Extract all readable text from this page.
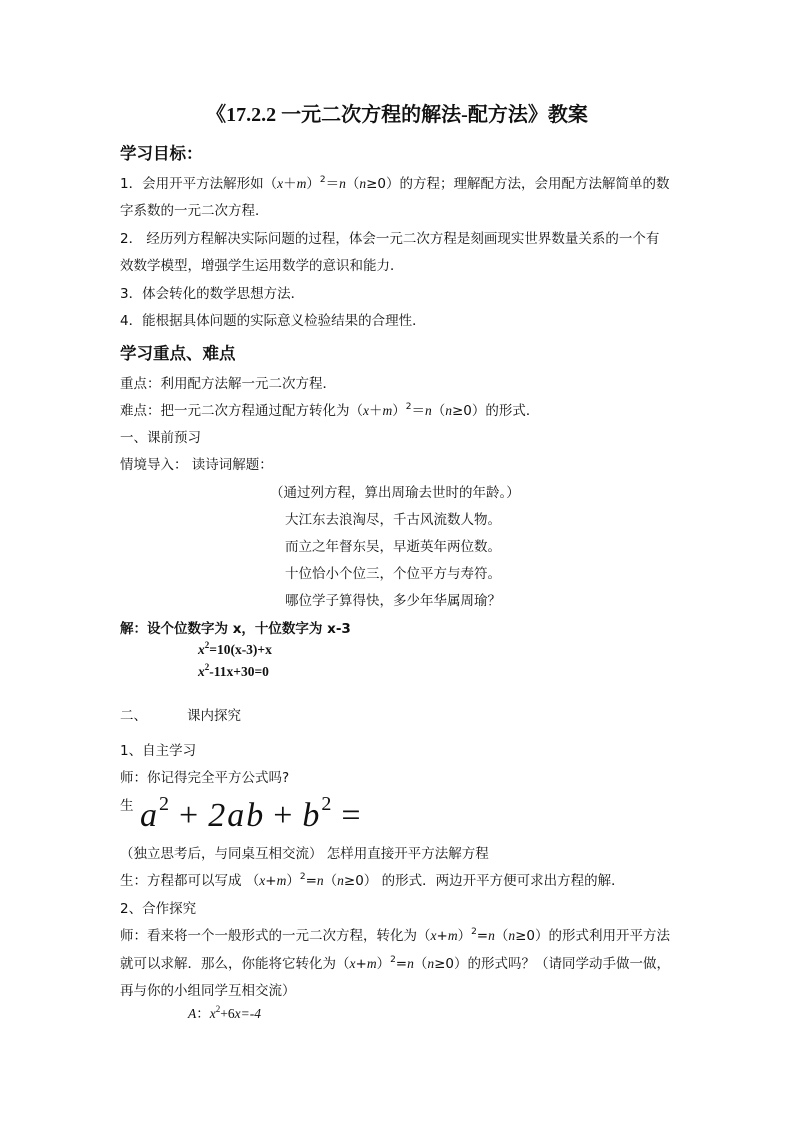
《17.2.2 一元二次方程的解法-配方法》教案
学习目标：
1．会用开平方法解形如$(x+m)^2=n(n\ge 0)$的方程；理解配方法，会用配方法解简单的数
字系数的一元二次方程．
2． 经历列方程解决实际问题的过程，体会一元二次方程是刻画现实世界数量关系的一个有
效数学模型，增强学生运用数学的意识和能力．
3．体会转化的数学思想方法．
4．能根据具体问题的实际意义检验结果的合理性．
学习重点、难点
重点：利用配方法解一元二次方程．
难点：把一元二次方程通过配方转化为$(x+m)^2=n(n\ge 0)$的形式．
一、课前预习
情境导入： 读诗词解题：
（通过列方程，算出周瑜去世时的年龄。）
大江东去浪淘尽，千古风流数人物。
而立之年督东吴，早逝英年两位数。
十位恰小个位三，个位平方与寿符。
哪位学子算得快，多少年华属周瑜？
解：设个位数字为 x，十位数字为 x-3
$x^2=10(x-3)+x$
$x^2-11x+30=0$
二、	课内探究
1、自主学习
师：你记得完全平方公式吗?
生 $a^2 + 2ab + b^2$ =
（独立思考后，与同桌互相交流） 怎样用直接开平方法解方程
生：方程都可以写成 $(x+m)^2=n(n\ge 0)$ 的形式．两边开平方便可求出方程的解．
2、合作探究
师：看来将一个一般形式的一元二次方程，转化为$(x+m)^2=n(n\ge 0)$的形式利用开平方法
就可以求解．那么，你能将它转化为$(x+m)^2=n(n\ge 0)$的形式吗？（请同学动手做一做，
再与你的小组同学互相交流）
A：$x^2+6x=-4$
